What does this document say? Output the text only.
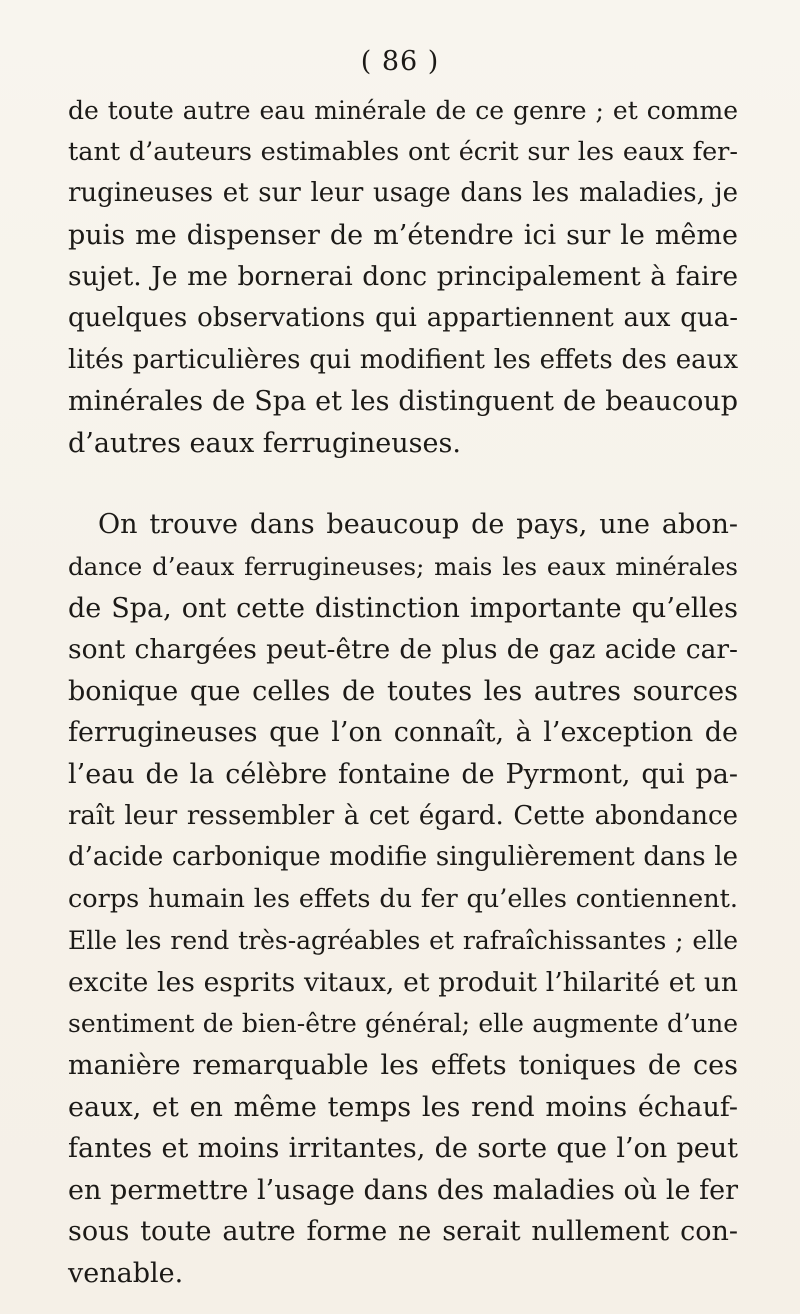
( 86 )
de toute autre eau minérale de ce genre ; et comme
tant d’auteurs estimables ont écrit sur les eaux fer-
rugineuses et sur leur usage dans les maladies, je
puis me dispenser de m’étendre ici sur le même
sujet. Je me bornerai donc principalement à faire
quelques observations qui appartiennent aux qua-
lités particulières qui modifient les effets des eaux
minérales de Spa et les distinguent de beaucoup
d’autres eaux ferrugineuses.
On trouve dans beaucoup de pays, une abon-
dance d’eaux ferrugineuses; mais les eaux minérales
de Spa, ont cette distinction importante qu’elles
sont chargées peut-être de plus de gaz acide car-
bonique que celles de toutes les autres sources
ferrugineuses que l’on connaît, à l’exception de
l’eau de la célèbre fontaine de Pyrmont, qui pa-
raît leur ressembler à cet égard. Cette abondance
d’acide carbonique modifie singulièrement dans le
corps humain les effets du fer qu’elles contiennent.
Elle les rend très-agréables et rafraîchissantes ; elle
excite les esprits vitaux, et produit l’hilarité et un
sentiment de bien-être général; elle augmente d’une
manière remarquable les effets toniques de ces
eaux, et en même temps les rend moins échauf-
fantes et moins irritantes, de sorte que l’on peut
en permettre l’usage dans des maladies où le fer
sous toute autre forme ne serait nullement con-
venable.
